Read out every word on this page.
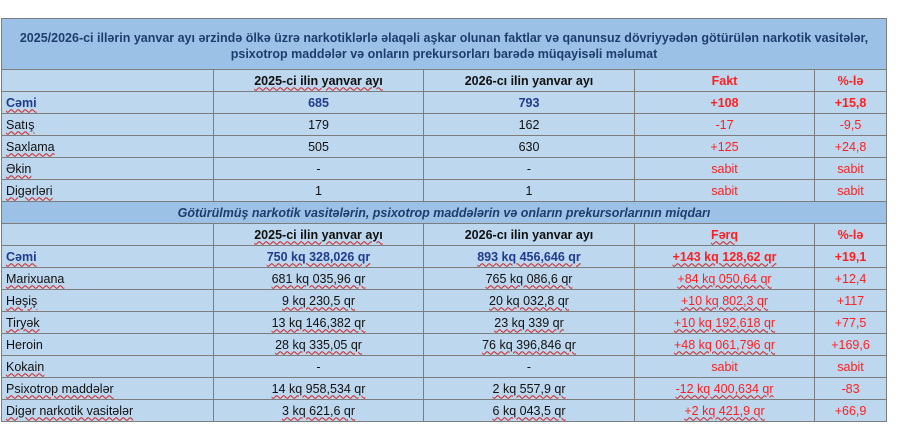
2025/2026-ci illərin yanvar ayı ərzində ölkə üzrə narkotiklərlə əlaqəli aşkar olunan faktlar və qanunsuz dövriyyədən götürülən narkotik vasitələr, psixotrop maddələr və onların prekursorları barədə müqayisəli məlumat				
	2025-ci ilin yanvar ayı	2026-cı ilin yanvar ayı	Fakt	%-lə
Cəmi	685	793	+108	+15,8
Satış	179	162	-17	-9,5
Saxlama	505	630	+125	+24,8
Əkin	-	-	sabit	sabit
Digərləri	1	1	sabit	sabit
Götürülmüş narkotik vasitələrin, psixotrop maddələrin və onların prekursorlarının miqdarı				
	2025-ci ilin yanvar ayı	2026-cı ilin yanvar ayı	Fərq	%-lə
Cəmi	750 kq 328,026 qr	893 kq 456,646 qr	+143 kq 128,62 qr	+19,1
Marixuana	681 kq 035,96 qr	765 kq 086,6 qr	+84 kq 050,64 qr	+12,4
Həşiş	9 kq 230,5 qr	20 kq 032,8 qr	+10 kq 802,3 qr	+117
Tiryək	13 kq 146,382 qr	23 kq 339 qr	+10 kq 192,618 qr	+77,5
Heroin	28 kq 335,05 qr	76 kq 396,846 qr	+48 kq 061,796 qr	+169,6
Kokain	-	-	sabit	sabit
Psixotrop maddələr	14 kq 958,534 qr	2 kq 557,9 qr	-12 kq 400,634 qr	-83
Digər narkotik vasitələr	3 kq 621,6 qr	6 kq 043,5 qr	+2 kq 421,9 qr	+66,9
